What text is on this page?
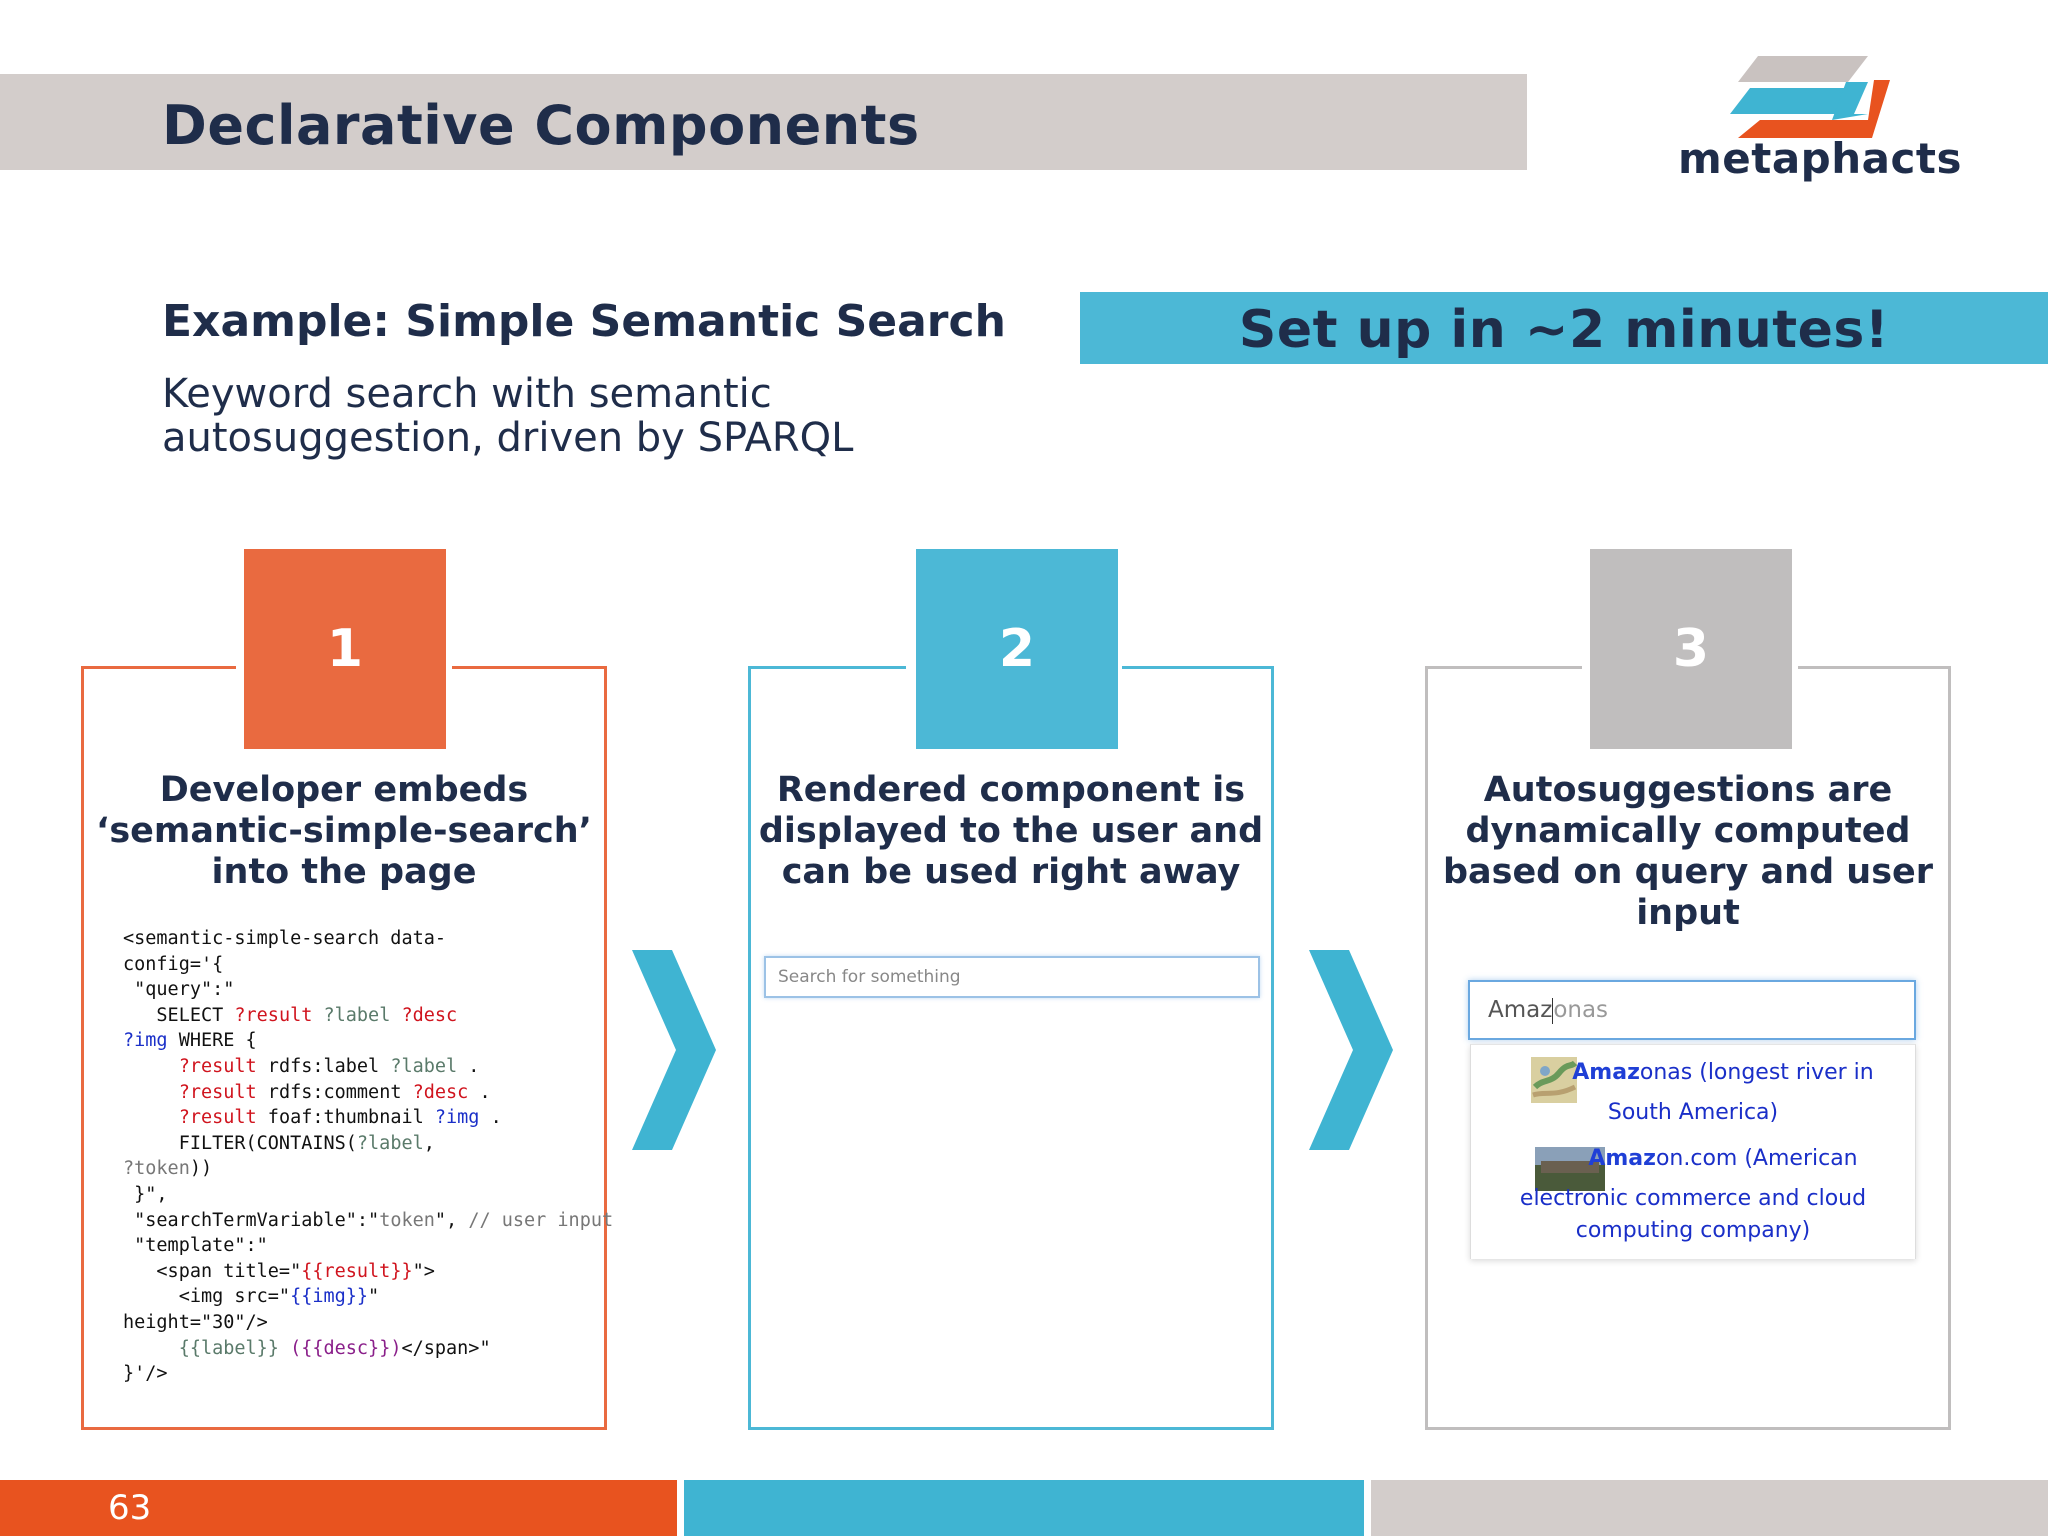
Declarative Components
metaphacts
Example: Simple Semantic Search
Keyword search with semantic autosuggestion, driven by SPARQL
Set up in ~2 minutes!
1
Developer embeds ‘semantic-simple-search’ into the page
<semantic-simple-search data-
config='{
"query":"
SELECT ?result ?label ?desc
?img WHERE {
?result rdfs:label ?label .
?result rdfs:comment ?desc .
?result foaf:thumbnail ?img .
FILTER(CONTAINS(?label,
?token))
}",
"searchTermVariable":"token", // user input
"template":"
<span title="{{result}}">
<img src="{{img}}"
height="30"/>
{{label}} ({{desc}})</span>"
}'/>
2
Rendered component is displayed to the user and can be used right away
Search for something
3
Autosuggestions are dynamically computed based on query and user input
Amazonas
Amazonas (longest river in
South America)
Amazon.com (American
electronic commerce and cloud
computing company)
63
